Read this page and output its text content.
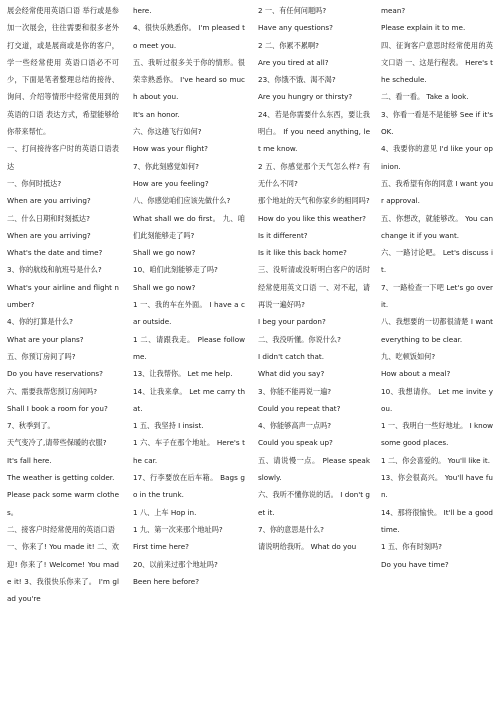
展会经常使用英语口语 举行或是参加一次展会，往往需要和很多老外打交道，或是展商或是你的客户，学一些经常使用 英语口语必不可少，下面是笔者整理总结的接待、询问、介绍等情形中经常使用到的英语的口语 表达方式，希望能够给你带来帮忙。

一、打问接待客户时的英语口语表达

一、你何时抵达?

When are you arriving?

二、什么日期和时刻抵达?

When are you arriving?

What's the date and time?

3、你的航线和航班号是什么?

What's your airline and flight number?

4、你的打算是什么?

What are your plans?

五、你预订房间了吗?

Do you have reservations?

六、需要我帮您预订房间吗?

Shall I book a room for you?

7、秋季到了。

天气变冷了,请带些保暖的衣服?

It's fall here.

The weather is getting colder.

Please pack some warm clothes。

二、接客户时经常使用的英语口语

一、你来了! You made it! 二、欢迎! 你来了! Welcome! You made it! 3、我很快乐你来了。 I'm glad you're

here.

4、很快乐熟悉你。 I'm pleased to meet you.

五、我听过很多关于你的情形。很荣幸熟悉你。 I've heard so much about you.

It's an honor.

六、你这趟飞行如何?

How was your flight?

7、你此刻感觉如何?

How are you feeling?

八、你感觉咱们应该先做什么?

What shall we do first。 九、咱们此刻能够走了吗?

Shall we go now?

10、咱们此刻能够走了吗?

Shall we go now?

1 一、我的车在外面。 I have a car outside.

1 二、请跟我走。 Please follow me.

13、让我帮你。 Let me help.

14、让我来拿。 Let me carry that.

1 五、我坚持 I insist.

1 六、车子在那个地址。 Here's the car.

17、行李要放在后车箱。 Bags go in the trunk.

1 八、上车 Hop in.

1 九、第一次来那个地址吗?

First time here?

20、以前来过那个地址吗?

Been here before?

2 一、有任何问题吗?

Have any questions?

2 二、你累不累啊?

Are you tired at all?

23、你饿不饿、渴不渴?

Are you hungry or thirsty?

24、若是你需要什么东西，要让我明白。 If you need anything, let me know.

2 五、你感觉那个天气怎么样? 有无什么不同?

那个地址的天气和你家乡的相同吗?

How do you like this weather?

Is it different?

Is it like this back home?

三、没听清或没听明白客户的话时经常使用英文口语 一、对不起，请再说一遍好吗?

I beg your pardon?

二、我没听懂。你说什么?

I didn't catch that.

What did you say?

3、你能不能再说一遍?

Could you repeat that?

4、你能够高声一点吗?

Could you speak up?

五、请说慢一点。 Please speak slowly.

六、我听不懂你说的话。 I don't get it.

7、你的意思是什么?

请说明给我听。 What do you

mean?

Please explain it to me.

四、征询客户意思时经常使用的英文口语 一、这是行程表。 Here's the schedule.

二、看一看。 Take a look.

3、你看一看是不是能够 See if it's OK.

4、我要你的意见 I'd like your opinion.

五、我希望有你的同意 I want your approval.

五、你想改，就能够改。 You can change it if you want.

六、一路讨论吧。 Let's discuss it.

7、一路检查一下吧 Let's go over it.

八、我想要的一切都很清楚 I want everything to be clear.

九、吃顿饭如何?

How about a meal?

10、我想请你。 Let me invite you.

1 一、我明白一些好地址。 I know some good places.

1 二、你会喜爱的。 You'll like it.

13、你会很高兴。 You'll have fun.

14、那将很愉快。 It'll be a good time.

1 五、你有时刻吗?

Do you have time?
